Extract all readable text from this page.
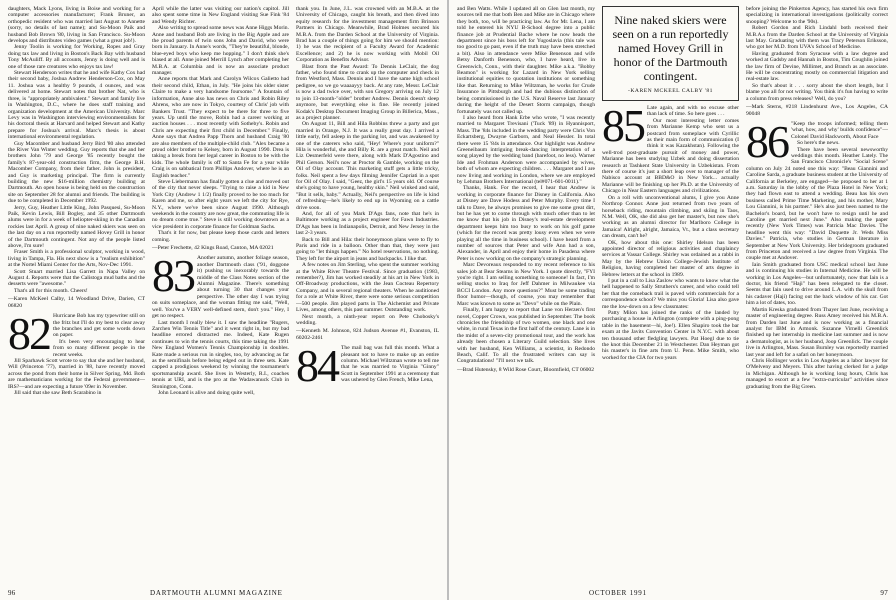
daughters, Mack Lyons, living in Boise and working for a computer accessories manufacturer; Frank Bruner, an orthopedic resident who was married last August to Annette (sorry, no details of last name); and Su-Moon Paik and husband Bob Brown '80, living in San Francisco. Su-Moon develops and distributes video games (what a great job!).

Jenny Toolin is working for Working, Ropes and Gray doing tax law and living in Boston's Back Bay with husband Tony McAuliff. By all accounts, Jenny is doing well and is one of those rare creatures who enjoys tax law!

Stewart Henderson writes that he and wife Kathy Cox had their second baby, Joshua Andrew Henderson-Cox, on May 11. Joshua was a healthy 9 pounds, 4 ounces, and was delivered at home. Stewart notes that brother Nat, who is three, is "appropriately ambivalent." Stewart and family live in Washington, D.C., where he does staff training and organization development at the American University. Marc Levy was in Washington interviewing environmentalists for his doctoral thesis at Harvard and helped Stewart and Kathy prepare for Joshua's arrival. Marc's thesis is about international environmental regulation.

Guy Macomber and husband Jerry Bird '80 also attended the River Van Winter wedding. Guy reports that she and her brothers John '79 and George '85 recently bought the family's 87-year-old construction firm, the George B.H. Macomber Company, from their father. John is president, and Guy is marketing principal. The firm is currently building the new $16-million chemistry building at Dartmouth. An open house is being held on the construction site on September 28 for alumni and friends. The building is due to be completed in December 1992.

Jerry, Guy, Heather Little King, John Pasquesi, Su-Moon Paik, Kevin Lewis, Bill Bogley, and 35 other Dartmouth alums were in for a week of heliopter-skiing in the Canadian rockies last April. A group of nine naked skiers was seen on the last day on a run reportedly named Hovey Grill in honor of the Dartmouth contingent. Not any of the people listed above, I'm sure!

Fraser Smith is a professional sculptor, working in wood, living in Tampa, Fla. His next show is a "realism exhibition" at the Nortel Miami Center for the Arts, Nov-Dec 1991.

Scott Stuart married Lisa Garrett in Napa Valley on August 4. Reports were that the Calistoga mud baths and the desserts were "awesome."

That's all for this month. Cheers!

—Karen McKeel Calby, 14 Woodland Drive, Darien, CT 06820
82 Hurricane Bob has my typewriter still on the fritz but I'll do my best to clear away the branches and get some words down on paper.

It's been very encouraging to hear from so many different people in the recent weeks.

Jill Sparhawk Scott wrote to say that she and her husband, Will (Princeton '77), married in '88, have recently moved across the pond from their home in Silver Spring, Md. Both are mathematicians working for the Federal government—IRS?—and are expecting a future '09er in November.

Jill said that she saw Beth Scarabino in

April while the latter was visiting our nation's capitol. Jill also spent some time in New England visiting Sue Fink '84 and Wendy Richter.

Also writing to spread some news was Anne Higgs Morin. Anne and husband Bob are living in the Big Apple and are the proud parents of twin sons John and David, who were born in January. In Anne's words, "They're beautiful, blonde, blue-eyed boys who keep me hopping." I don't think she's biased at all. Anne joined Merrill Lynch after completing her M.B.A. at Columbia and is now an associate product manager.

Anne reports that Mark and Carolyn Wilcox Galietto had their second child, Ethan, in July. "He joins his older sister Claire to make a very handsome foursome." A fountain of information, Anne also has news on Chris and Robin Riley Ahrens, who are now in Tokyo, courtesy of Chris' job with Bankers Trust. "They expect to be there for three to five years. Up until the move, Robin had a career working at auction houses . . . most recently with Sotheby's. Robin and Chris are expecting their first child in December." Finally, Anne says that Andrea Papp Thorn and husband Craig '80 are also members of the multiple-child club. "Alex became a proud older brother to Kelsey, born in August 1990. Drea is taking a break from her legal career in Boston to be with the kids. The whole family is off to Santa Fe for a year while Craig is on sabbatical from Phillips Andover, where he is an English teacher."

Steve Liebermann has finally gotten a clue and moved out of the city that never sleeps. "Trying to raise a kid in New York City (Andrew 1 1/2) finally proved to be too much for Karen and me, so after eight years we left the city for Rye, N.Y., where we've been since August 1990. Although weekends in the country are now great, the commuting life is no dream come true." Steve is still working downtown as a vice president in corporate finance for Goldman Sachs.

That's it for now, but please keep those cards and letters coming.

—Peter Frechette, 42 Kings Road, Canton, MA 02021
83 Another autumn, another foliage season, another Dartmouth class ('91, doggone it) pushing us inexorably towards the middle of the Class Notes section of the Alumni Magazine. There's something about turning 30 that changes your perspective. The other day I was trying on suits someplace, and the woman fitting me said, "Well, well. You've a VERY well-defined stern, don't you." Hey, I get no respect.

Last month I really blew it. I saw the headline "Rugers, Zarchen Win Tennis Title" and it went right in, but my bad headline errored distracted me. Indeed, Kate Rugen continues to win the tennis courts, this time taking the 1991 New England Women's Tennis Championship in doubles. Kate made a serious run in singles, too, by advancing as far as the semifinals before being edged out in three sets. Kate capped a prodigious weekend by winning the tournament's sportsmanship award. She lives in Westerly, R.I., coaches tennis at URI, and is the pro at the Wadawanuck Club in Stonington, Conn.

John Leonard is alive and doing quite well,

thank you. In June, J.L. was crowned with an M.B.A. at the University of Chicago, caught his breath, and then dived into equity research for the investment management firm Brinson Partners in Chicago. Meanwhile, Brad Holmes secured his M.B.A. from the Darden School at the University of Virginia. Brad has a couple of things going for him we should mention: 1) he was the recipient of a Faculty Award for Academic Excellence; and 2) he is now working with Mobil Oil Corporation as Benefits Advisor.

Blast from the Past Award: To Dennis LeClair, the dog father, who found time to crank up the computer and check in from Westford, Mass. Dennis and I have the same high school pedigree, so we go waaaayyy back. At any rate, Messr. LeClair is now a dad twice over, with son Gregory arriving on July 12 to join 13-month-"older" brother Andrew. Dennis doesn't sleep anymore, but everything else is fine. He recently joined Kodak's Desktop Document Imaging Group in Billerica, Mass., as a project planner.

On August 11, Bill and Hila Robbins threw a party and got married in Orange, N.J. It was a really great day. I arrived a little early, fell asleep in the parking lot, and was awakened by one of the caterers who said, "Hey! Where's your uniform?" Hila is wonderful, she and Billy R. are a great match. Neil and Liz Oesmerfeld were there, along with Mark D'Agostino and Phil Gerson. Neil's now at Proctor & Gamble, working on the Oil of Olay account. This marketing stuff gets a little tricky, folks. Neil spent a few days filming Jennifer Capriati in a spot for Oil of Olay. I said, "Geez, the girl's 15 years old. Of course she's going to have young, healthy skin." Neil winked and said, "But it sells, baby." Actually, Neil's perspective on life is kind of refreshing—he's likely to end up in Wyoming on a cattle drive soon.

And, for all of you Mark D'Ags fans, note that he's in Baltimore working as a project engineer for Fawn Industries. D'Ags has been in Indianapolis, Detroit, and New Jersey in the last 2-3 years.

Back to Bill and Hila: their honeymoon plans were to fly to Paris and ride in a balloon. Other than that, they were just going to "let things happen." No hotel reservations, no nothing. They left for the airport in jeans and backpacks. I like that.

A few notes on Jim Sterling, who spent the summer working at the White River Theatre Festival. Since graduation (1983, remember?), Jim has worked steadily at his art in New York in Off-Broadway productions, with the Jean Cocteau Repertory Company, and in several regional theaters. When he auditioned for a role at White River, there were some serious competition—500 people. Jim played parts in The Alchemist and Private Lives, among others, this past summer. Outstanding work.

Next month, a ninth-year report on Pete Chobosky's wedding.

—Kenneth M. Johnson, 824 Judson Avenue #1, Evanston, IL 60202-2461
84 The mail bag was full this month. What a pleasant not to have to make up an entire column. Michael Wiltzman wrote to tell me that he was married to Virginia "Ginny" Scott in September 1991 at a ceremony that was ushered by Glen French, Mike Lena,

96	DARTMOUTH ALUMNI MAGAZINE

and Ben Watts. While I updated all on Glen last month, my sources tell me that both Ben and Mike are in Chicago where they both, too, will be practicing law. As for Mr. Lena, I am told he entered his NYU B-School degree into a public finance job at Prudential Bache where he now heads the department since his boss left for Yugoslavia (this tale was too good to go past, even if the truth may have been stretched a bit). Also in attendance were Mike Benenson and wife Betsy Danforth Benenson, who, I have heard, live in Greenwich, Conn., with their daughter. Mike a.k.a. "Bobby Beamon" is working for Lazard in New York selling institutional equities to quotation institutions or something like that. Returning to Mike Wiltzman, he works for Crude Insurance in Pittsburgh and had the dubious distinction of being commissioned in the U.S. Naval Reserve last January during the height of the Desert Storm campaign, though fortunately was not called up.

I also heard from Hank Erbe who wrote, "I was recently married to Margaret Trevisani ('Tuck '89) in Hyannisport, Mass. The '84s included in the wedding party were Chris Von Eckartsberg, Dwayne Garborn, and Neal Hessler. In total there were 15 '84s in attendance. Our highlight was Andrew Greeneibaum intriguing break-dancing interpretation of a song played by the wedding band (barefoot, no less). Warner Ide and Frohman Anderson were accompanied by wives, both of whom are expecting children. . . . Margaret and I are now living and working in London, where we are employed by Lehman Brothers International (tel#071-601-0011)."

Thanks, Hank. For the record, I hear that Andrew is working in corporate finance for Disney in California. Also at Disney are Dave Hodess and Peter Murphy. Every time I talk to Dave, he always promises to give me some great dirt, but he has yet to come through with much other than to let me know that his job in Disney's real-estate development department keeps him too busy to work on his golf game (which for the record was pretty lousy even when we were playing all the time in business school). I have heard from a number of sources that Peter and wife Ann had a son, Alexander, in April and enjoy their home in Pasadena where Peter is now working on the company's strategic planning.

Marc Devoreaux responded to my recent reference to his sales job at Bear Stearns in New York. I quote directly, "FYI you're right. I am selling something to someone! In fact, I'm selling stocks to Iraq for Jeff Dahmer in Milwaukee via BCCI London. Any more questions?" Must be some trading floor humor—though, of course, you may remember that Marc was known to some as "Devo" while on the Plain.

Finally, I am happy to report that Lane von Herzen's first novel, Copper Crown, was published in September. The book chronicles the friendship of two women, one black and one white, in rural Texas in the first half of the century. Lane is in the midst of a seven-city promotional tour, and the work has already been chosen a Literary Guild selection. She lives with her husband, Ken Williams, a scientist, in Redondo Beach, Calif. To all the frustrated writers can say is Congratulations! "I'll next we talk.

—Brad Hutensky, 8 Wild Rose Court, Bloomfield, CT 06002
Nine naked skiers were seen on a run reportedly named Hovey Grill in honor of the Dartmouth contingent.
-KAREN MCKEEL CALBY '81
85 Late again, and with no excuse other than lack of time. So here goes . . .

Our most interesting letter comes from Marianne Kemp who sent us a postcard from someplace with Cyrillic as their main form of communication (I think it was Kazakhstan). Following the well-trod post-graduate pursuit of money and power, Marianne has been studying Uzbek and doing dissertation research at Tashkent State University in Uzbekistan. From there of course it's just a short leap over to manager of the Nabisco account at BBD&O in New York... actually Marianne will be finishing up her Ph.D. at the University of Chicago in Near Eastern languages and civilizations.

On a roll with unconventional alums, I give you Anne Northrop Connor. Anne just returned from two years of horseback riding, mountain climbing, and skiing in Taos, N.M. Well, OK, she did also get her master's, but now she's working as an alumni director for Marlboro College in Jamaica! Alright, alright, Jamaica, Vt., but a class secretary can dream, can't he?

OK, how about this one: Shirley Idelson has been appointed director of religious activities and chaplaincy services at Vassar College. Shirley was ordained as a rabbi in May by the Hebrew Union College-Jewish Institute of Religion, having completed her master of arts degree in Hebrew letters at the school in 1989.

I put in a call to Lisa Zaslow who wants to know what the hell happened to Sally Struthers's career, and who could tell her that the comeback trail is paved with commercials for a correspondence school? We miss you Gloria! Lisa also gave me the low-down on a few classmates:

Patty Milon has joined the ranks of the landed by purchasing a house in Arlington (complete with a ping-pong table in the basement—hi, Joe!). Ellen Shapiro took the bar exam at the Javits Convention Center in N.Y.C. with about ten thousand other fledgling lawyers. Pat Hoegl due to tie the knot this December 21 in Westchester. Dan Heyman got his master's in fine arts from U. Penn. Mike Smith, who worked for the CIA for two years

before joining the Pinkerton Agency, has started his own firm specializing in international investigations (politically correct snooping? Welcome to the '90s).

Robert Gordon and Rich Lindahl both received their M.B.A.s from the Darden School at the University of Virginia last May. Graduating with them was Tracy Peterson Eriksson, who got her M.D. from UVA's School of Medicine.

Having graduated from Syracuse with a law degree and worked at Gadsby and Hannah in Boston, Tim Coughlin joined the law firm of Devine, Millimet, and Branch as an associate. He will be concentrating mostly on commercial litigation and real-estate law.

So that's about it . . . sorry about the short length, but I blame you all for not writing. You think it's fun having to write a column from press releases? Well, do you?

—Mark Sterns, #218 Lindenhurst Ave., Los Angeles, CA 90048
86 "Keep the troops informed; telling them 'what, how, and why' builds confidence"—Colonel David Hackworth, About Face

So here's the news.

There have been several newsworthy weddings this month. Heather Lately. The San Francisco Chronicle's "Social Scene" column on July 24 noted one this way: "Beau Giannini and Caroline Sarda, a graduate business student at the University of California at Berkeley, are engaged—he proposed to her at 1 a.m. Saturday in the lobby of the Plaza Hotel in New York; they had flown east to attend a wedding. Beau has his own business called Prime Time Marketing, and his mother, Mary Lou Giannini, is his partner." He's also just been named to the Bachelor's board, but he won't have to resign until he and Caroline get married next June." Also making the paper recently (New York Times) was Patricia Mac Davies. The headline went this way: "David Duquette Jr. Weds Miss Davies." Patricia, who studies in German literature in September at New York University. Her bridegroom graduated from Princeton and received a law degree from Virginia. The couple met at Andover.

Iain Smith graduated from USC medical school last June and is continuing his studies in Internal Medicine. He will be working in Los Angeles—but unfortunately, now that Iain is a doctor, his friend "Haji" has been relegated to the closet. Seems that Iain used to drive around L.A. with the skull from his cadaver (Haji) facing out the back window of his car. Got him a lot of dates, too.

Martin Kreska graduated from Thayer last June, receiving a master of engineering degree. Russ Amey received his M.B.A. from Darden last June and is now working as a financial analyst for IBM in Armonk. Suzanne Virnelli Greenlick finished up her internship in medicine last summer and is now a dermatologist, as is her husband, Joop Greenlick. The couple live in Arlington, Mass. Susan Burnley was reportedly married last year and left for a safari on her honeymoon.

Chris Hollinger works in Los Angeles as a labor lawyer for O'Melveny and Meyers. This after having clerked for a judge in Michigan. Although he is working long hours, Chris has managed to escort at a few "extra-curricular" activities since graduating from the Big Green.

OCTOBER 1991	97
